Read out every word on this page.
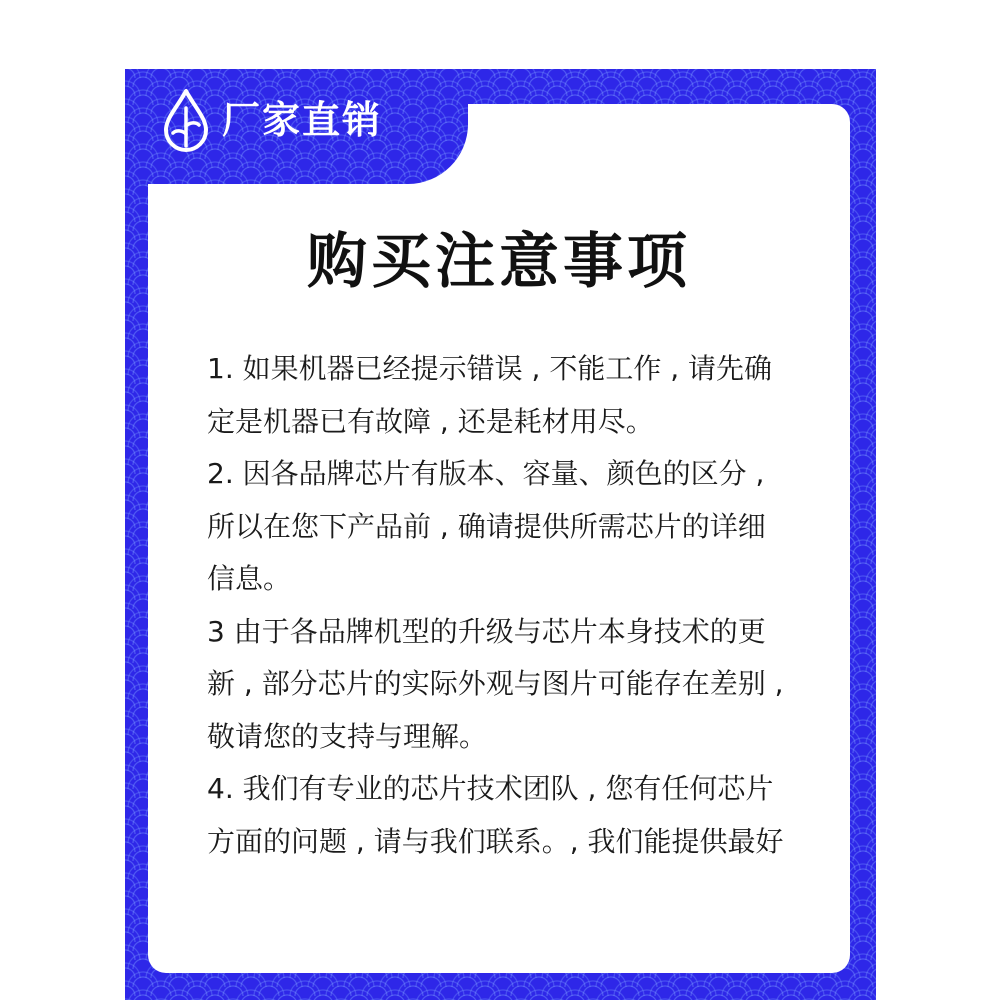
厂家直销
购买注意事项
1. 如果机器已经提示错误 , 不能工作 , 请先确
定是机器已有故障 , 还是耗材用尽。
2. 因各品牌芯片有版本、容量、颜色的区分 ,
所以在您下产品前 , 确请提供所需芯片的详细
信息。
3 由于各品牌机型的升级与芯片本身技术的更
新 , 部分芯片的实际外观与图片可能存在差别 ,
敬请您的支持与理解。
4. 我们有专业的芯片技术团队 , 您有任何芯片
方面的问题 , 请与我们联系。, 我们能提供最好
